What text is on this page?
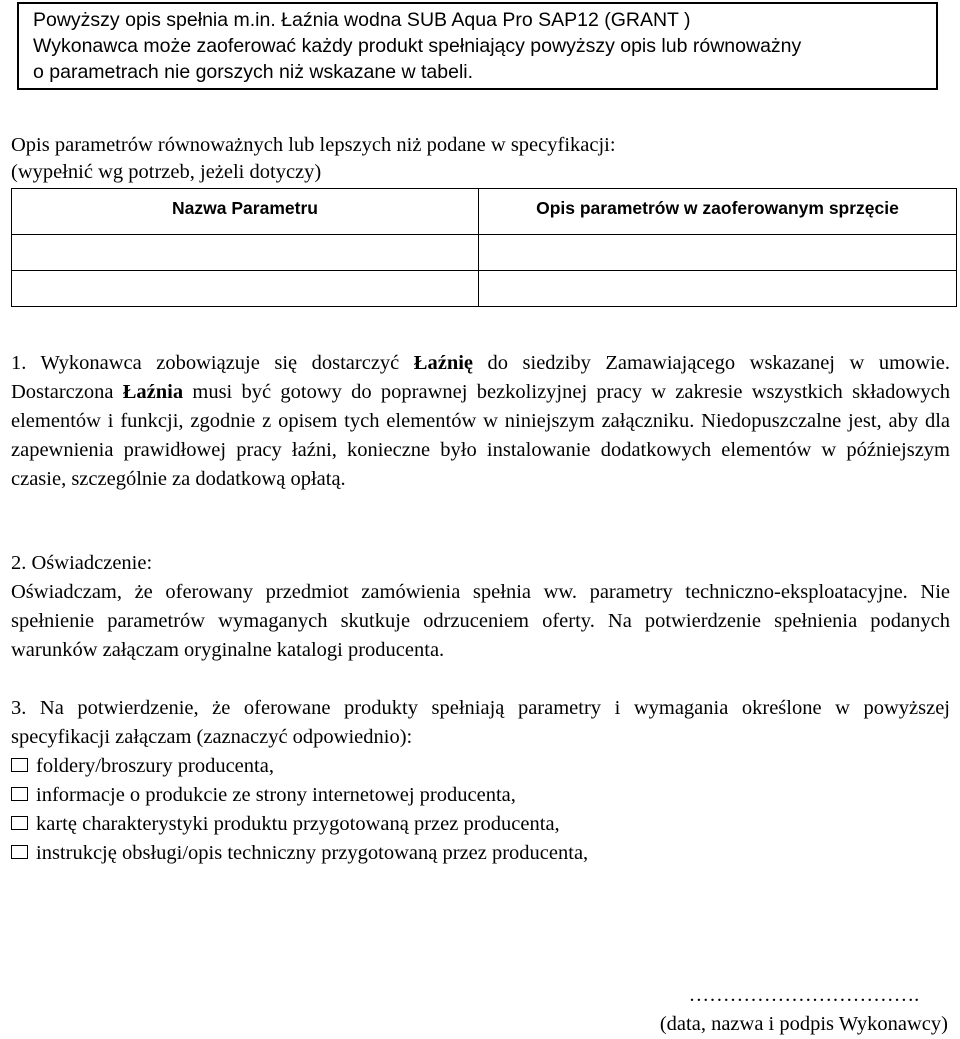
Powyższy opis spełnia m.in. Łaźnia wodna SUB Aqua Pro SAP12 (GRANT )
Wykonawca może zaoferować każdy produkt spełniający powyższy opis lub równoważny
o parametrach nie gorszych niż wskazane w tabeli.
Opis parametrów równoważnych lub lepszych niż podane w specyfikacji:
(wypełnić wg potrzeb, jeżeli dotyczy)
Nazwa Parametru	Opis parametrów w zaoferowanym sprzęcie

1. Wykonawca zobowiązuje się dostarczyć Łaźnię do siedziby Zamawiającego wskazanej w umowie. Dostarczona Łaźnia musi być gotowy do poprawnej bezkolizyjnej pracy w zakresie wszystkich składowych elementów i funkcji, zgodnie z opisem tych elementów w niniejszym załączniku. Niedopuszczalne jest, aby dla zapewnienia prawidłowej pracy łaźni, konieczne było instalowanie dodatkowych elementów w późniejszym czasie, szczególnie za dodatkową opłatą.
2. Oświadczenie:
Oświadczam, że oferowany przedmiot zamówienia spełnia ww. parametry techniczno-eksploatacyjne. Nie spełnienie parametrów wymaganych skutkuje odrzuceniem oferty. Na potwierdzenie spełnienia podanych warunków załączam oryginalne katalogi producenta.
3. Na potwierdzenie, że oferowane produkty spełniają parametry i wymagania określone w powyższej specyfikacji załączam (zaznaczyć odpowiednio):
foldery/broszury producenta,
informacje o produkcie ze strony internetowej producenta,
kartę charakterystyki produktu przygotowaną przez producenta,
instrukcję obsługi/opis techniczny przygotowaną przez producenta,
…………………………….
(data, nazwa i podpis Wykonawcy)
